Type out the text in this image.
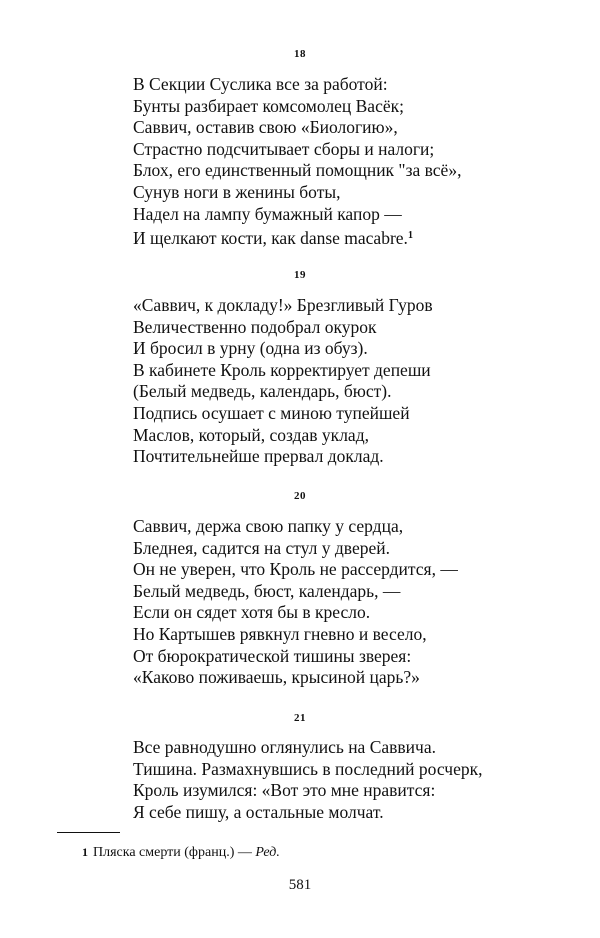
18
В Секции Суслика все за работой:
Бунты разбирает комсомолец Васёк;
Саввич, оставив свою «Биологию»,
Страстно подсчитывает сборы и налоги;
Блох, его единственный помощник "за всё»,
Сунув ноги в женины боты,
Надел на лампу бумажный капор —
И щелкают кости, как danse macabre.$^1$
19
«Саввич, к докладу!» Брезгливый Гуров
Величественно подобрал окурок
И бросил в урну (одна из обуз).
В кабинете Кроль корректирует депеши
(Белый медведь, календарь, бюст).
Подпись осушает с миною тупейшей
Маслов, который, создав уклад,
Почтительнейше прервал доклад.
20
Саввич, держа свою папку у сердца,
Бледнея, садится на стул у дверей.
Он не уверен, что Кроль не рассердится, —
Белый медведь, бюст, календарь, —
Если он сядет хотя бы в кресло.
Но Картышев рявкнул гневно и весело,
От бюрократической тишины зверея:
«Каково поживаешь, крысиной царь?»
21
Все равнодушно оглянулись на Саввича.
Тишина. Размахнувшись в последний росчерк,
Кроль изумился: «Вот это мне нравится:
Я себе пишу, а остальные молчат.
1 Пляска смерти (франц.) — Ред.
581
